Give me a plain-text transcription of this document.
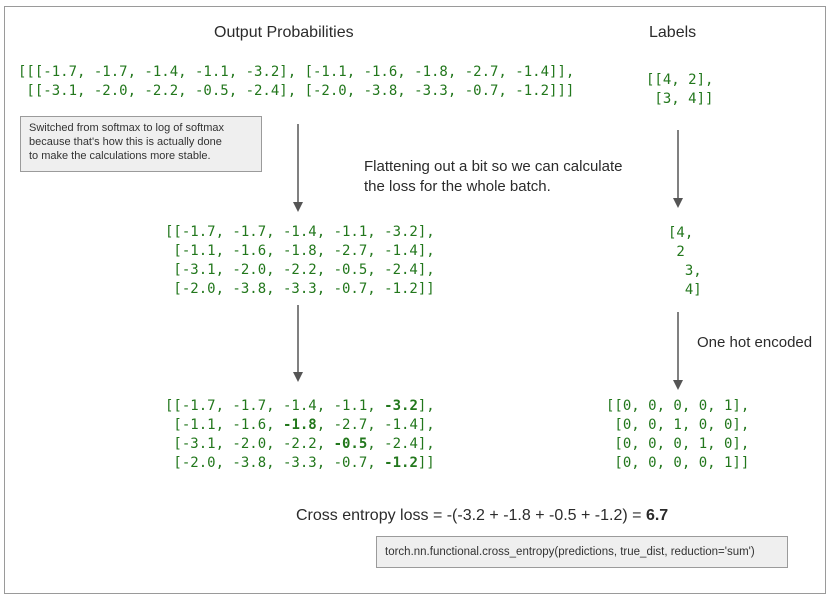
Output Probabilities	Labels
[[[-1.7, -1.7, -1.4, -1.1, -3.2], [-1.1, -1.6, -1.8, -2.7, -1.4]],
[[-3.1, -2.0, -2.2, -0.5, -2.4], [-2.0, -3.8, -3.3, -0.7, -1.2]]]
[[4, 2],
[3, 4]]
Switched from softmax to log of softmax
because that's how this is actually done
to make the calculations more stable.
Flattening out a bit so we can calculate
the loss for the whole batch.
[[-1.7, -1.7, -1.4, -1.1, -3.2],
[-1.1, -1.6, -1.8, -2.7, -1.4],
[-3.1, -2.0, -2.2, -0.5, -2.4],
[-2.0, -3.8, -3.3, -0.7, -1.2]]
[4,
2
3,
4]
One hot encoded
[[-1.7, -1.7, -1.4, -1.1, -3.2],
[-1.1, -1.6, -1.8, -2.7, -1.4],
[-3.1, -2.0, -2.2, -0.5, -2.4],
[-2.0, -3.8, -3.3, -0.7, -1.2]]
[[0, 0, 0, 0, 1],
[0, 0, 1, 0, 0],
[0, 0, 0, 1, 0],
[0, 0, 0, 0, 1]]
Cross entropy loss = -(-3.2 + -1.8 + -0.5 + -1.2) = 6.7
torch.nn.functional.cross_entropy(predictions, true_dist, reduction='sum')
